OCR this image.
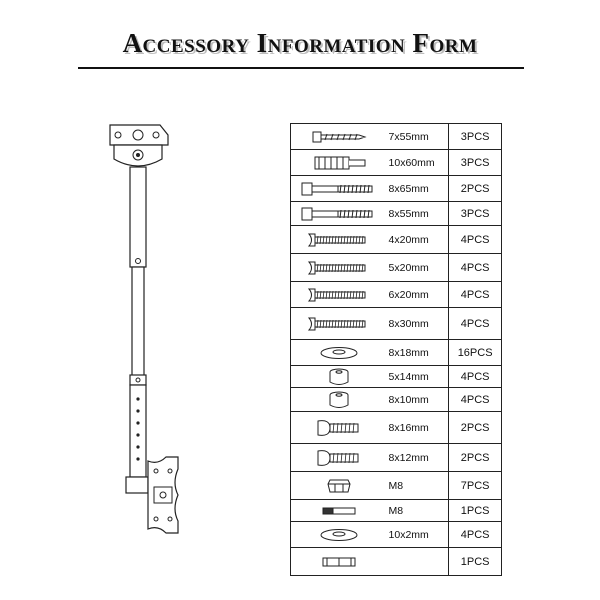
Accessory Information Form
7x55mm	3PCS
10x60mm	3PCS
8x65mm	2PCS
8x55mm	3PCS
4x20mm	4PCS
5x20mm	4PCS
6x20mm	4PCS
8x30mm	4PCS
8x18mm	16PCS
5x14mm	4PCS
8x10mm	4PCS
8x16mm	2PCS
8x12mm	2PCS
M8	7PCS
M8	1PCS
10x2mm	4PCS
1PCS
